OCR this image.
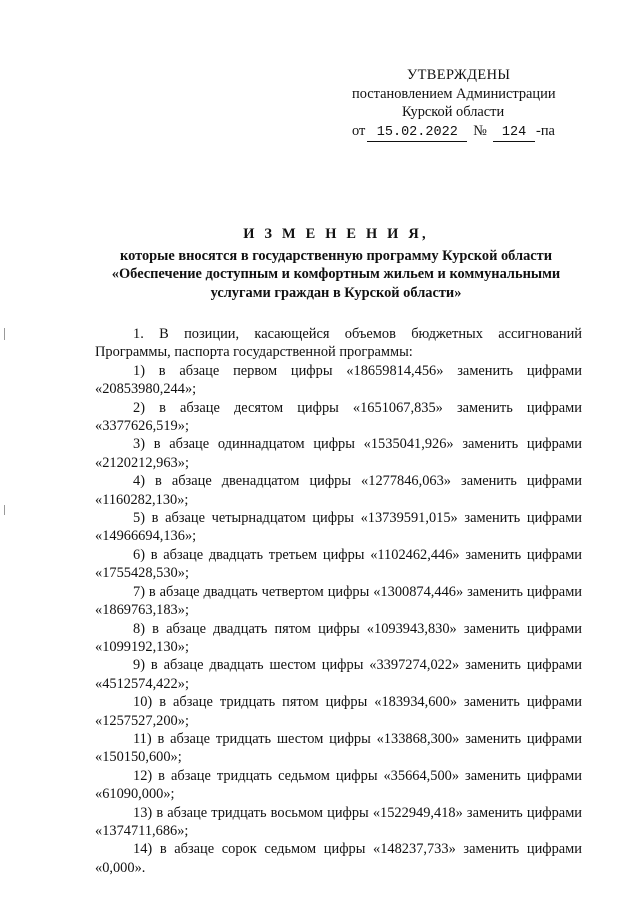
УТВЕРЖДЕНЫ
постановлением Администрации
Курской области
от 15.02.2022	№	124 -па
И З М Е Н Е Н И Я,
которые вносятся в государственную программу Курской области
«Обеспечение доступным и комфортным жильем и коммунальными
услугами граждан в Курской области»

1. В позиции, касающейся объемов бюджетных ассигнований Программы, паспорта государственной программы:

1) в абзаце первом цифры «18659814,456» заменить цифрами «20853980,244»;

2) в абзаце десятом цифры «1651067,835» заменить цифрами «3377626,519»;

3) в абзаце одиннадцатом цифры «1535041,926» заменить цифрами «2120212,963»;

4) в абзаце двенадцатом цифры «1277846,063» заменить цифрами «1160282,130»;

5) в абзаце четырнадцатом цифры «13739591,015» заменить цифрами «14966694,136»;

6) в абзаце двадцать третьем цифры «1102462,446» заменить цифрами «1755428,530»;

7) в абзаце двадцать четвертом цифры «1300874,446» заменить цифрами «1869763,183»;

8) в абзаце двадцать пятом цифры «1093943,830» заменить цифрами «1099192,130»;

9) в абзаце двадцать шестом цифры «3397274,022» заменить цифрами «4512574,422»;

10) в абзаце тридцать пятом цифры «183934,600» заменить цифрами «1257527,200»;

11) в абзаце тридцать шестом цифры «133868,300» заменить цифрами «150150,600»;

12) в абзаце тридцать седьмом цифры «35664,500» заменить цифрами «61090,000»;

13) в абзаце тридцать восьмом цифры «1522949,418» заменить цифрами «1374711,686»;

14) в абзаце сорок седьмом цифры «148237,733» заменить цифрами «0,000».
